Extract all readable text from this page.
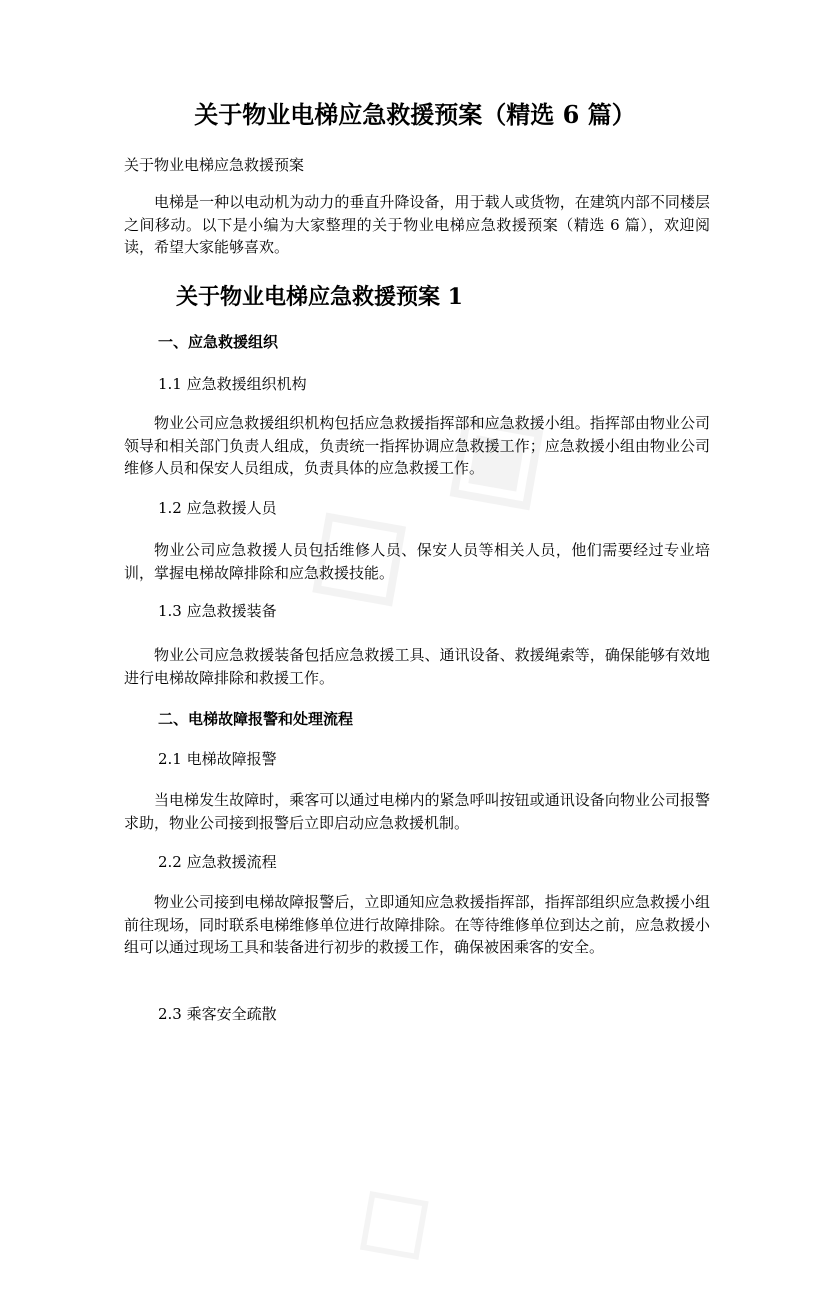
关于物业电梯应急救援预案（精选 6 篇）
关于物业电梯应急救援预案
电梯是一种以电动机为动力的垂直升降设备，用于载人或货物，在建筑内部不同楼层之间移动。以下是小编为大家整理的关于物业电梯应急救援预案（精选 6 篇），欢迎阅读，希望大家能够喜欢。
关于物业电梯应急救援预案 1
一、应急救援组织
1.1 应急救援组织机构
物业公司应急救援组织机构包括应急救援指挥部和应急救援小组。指挥部由物业公司领导和相关部门负责人组成，负责统一指挥协调应急救援工作；应急救援小组由物业公司维修人员和保安人员组成，负责具体的应急救援工作。
1.2 应急救援人员
物业公司应急救援人员包括维修人员、保安人员等相关人员，他们需要经过专业培训，掌握电梯故障排除和应急救援技能。
1.3 应急救援装备
物业公司应急救援装备包括应急救援工具、通讯设备、救援绳索等，确保能够有效地进行电梯故障排除和救援工作。
二、电梯故障报警和处理流程
2.1 电梯故障报警
当电梯发生故障时，乘客可以通过电梯内的紧急呼叫按钮或通讯设备向物业公司报警求助，物业公司接到报警后立即启动应急救援机制。
2.2 应急救援流程
物业公司接到电梯故障报警后，立即通知应急救援指挥部，指挥部组织应急救援小组前往现场，同时联系电梯维修单位进行故障排除。在等待维修单位到达之前，应急救援小组可以通过现场工具和装备进行初步的救援工作，确保被困乘客的安全。
2.3 乘客安全疏散
